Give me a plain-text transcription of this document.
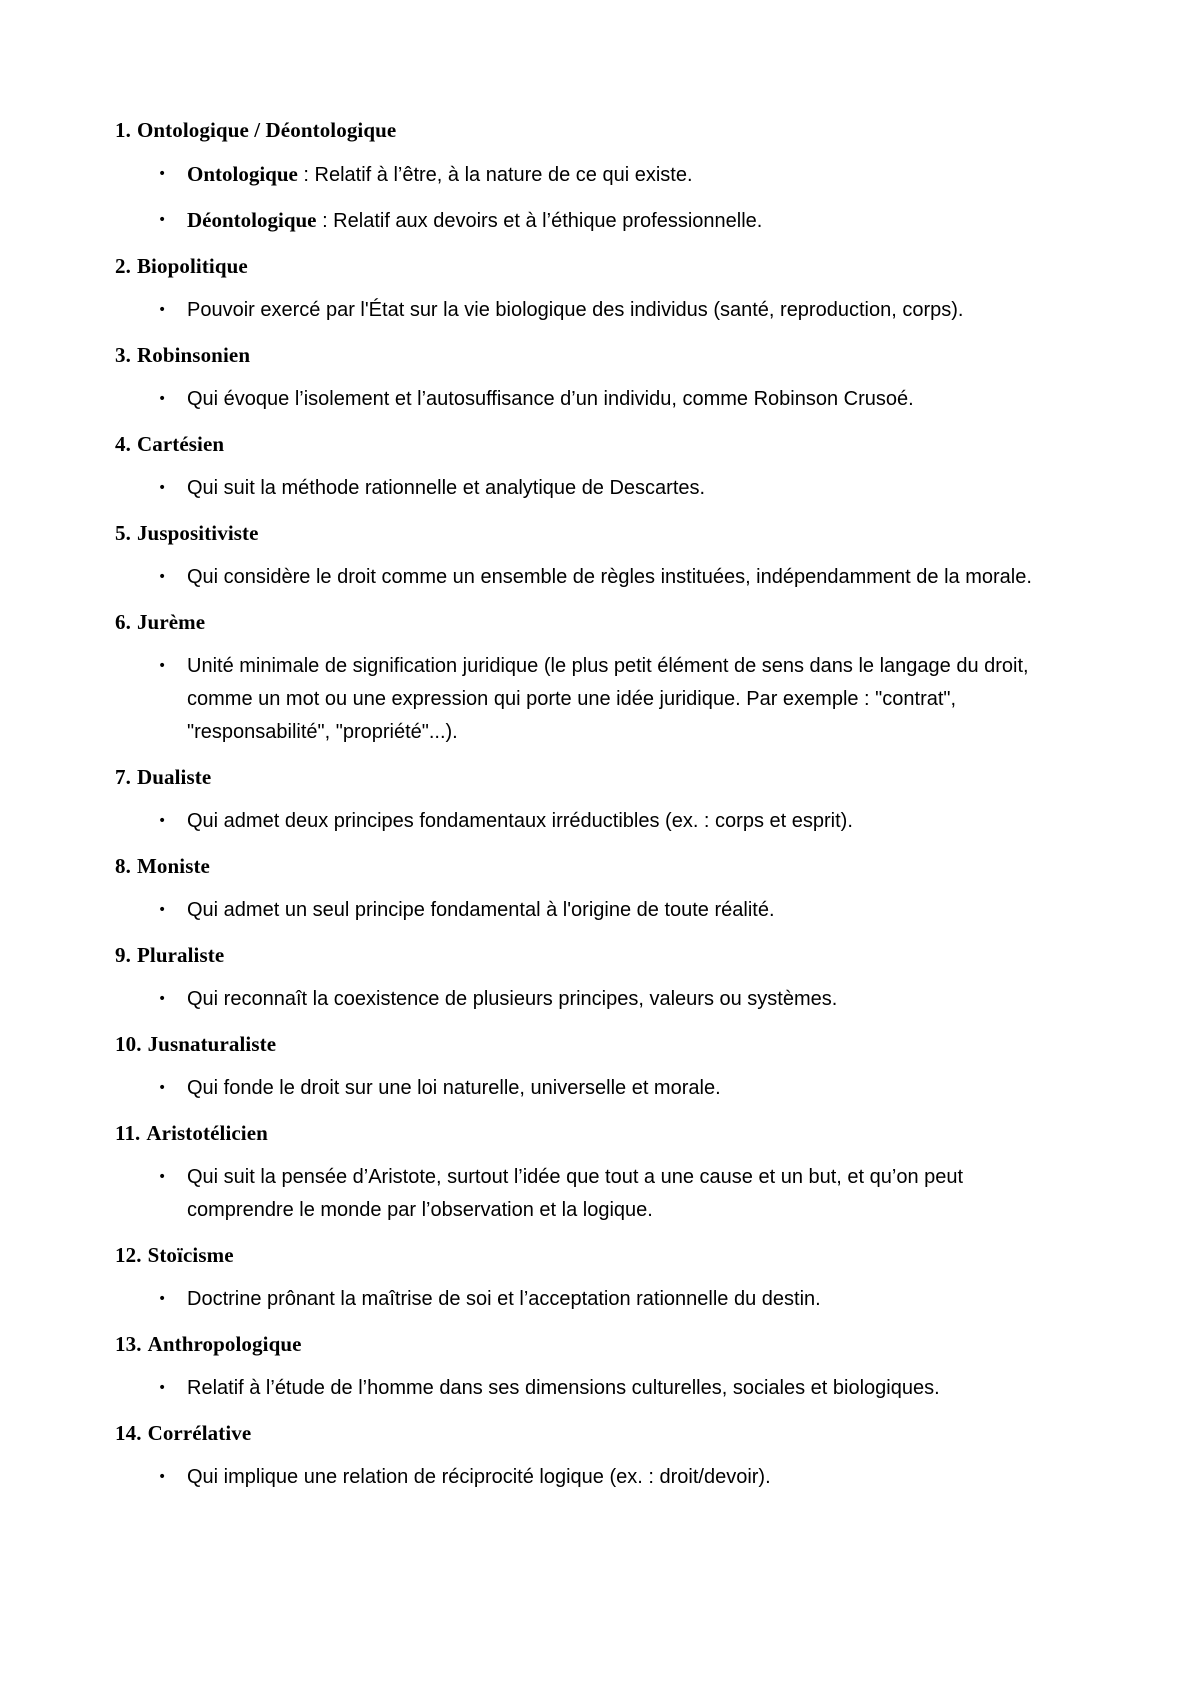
1. Ontologique / Déontologique
• Ontologique : Relatif à l’être, à la nature de ce qui existe.
• Déontologique : Relatif aux devoirs et à l’éthique professionnelle.
2. Biopolitique
• Pouvoir exercé par l'État sur la vie biologique des individus (santé, reproduction, corps).
3. Robinsonien
• Qui évoque l’isolement et l’autosuffisance d’un individu, comme Robinson Crusoé.
4. Cartésien
• Qui suit la méthode rationnelle et analytique de Descartes.
5. Juspositiviste
• Qui considère le droit comme un ensemble de règles instituées, indépendamment de la morale.
6. Jurème
• Unité minimale de signification juridique (le plus petit élément de sens dans le langage du droit, comme un mot ou une expression qui porte une idée juridique. Par exemple : "contrat", "responsabilité", "propriété"...).
7. Dualiste
• Qui admet deux principes fondamentaux irréductibles (ex. : corps et esprit).
8. Moniste
• Qui admet un seul principe fondamental à l'origine de toute réalité.
9. Pluraliste
• Qui reconnaît la coexistence de plusieurs principes, valeurs ou systèmes.
10. Jusnaturaliste
• Qui fonde le droit sur une loi naturelle, universelle et morale.
11. Aristotélicien
• Qui suit la pensée d’Aristote, surtout l’idée que tout a une cause et un but, et qu’on peut comprendre le monde par l’observation et la logique.
12. Stoïcisme
• Doctrine prônant la maîtrise de soi et l’acceptation rationnelle du destin.
13. Anthropologique
• Relatif à l’étude de l’homme dans ses dimensions culturelles, sociales et biologiques.
14. Corrélative
• Qui implique une relation de réciprocité logique (ex. : droit/devoir).
